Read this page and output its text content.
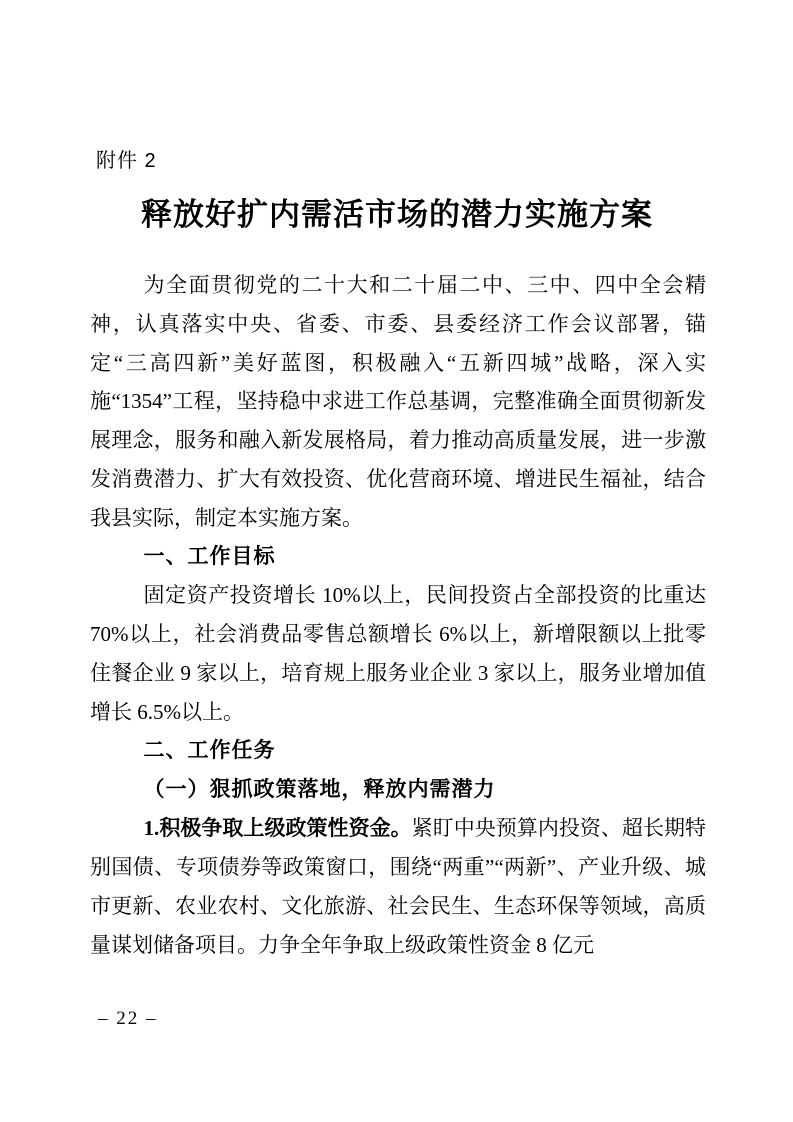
附件 2
释放好扩内需活市场的潜力实施方案

为全面贯彻党的二十大和二十届二中、三中、四中全会精神，认真落实中央、省委、市委、县委经济工作会议部署，锚定“三高四新”美好蓝图，积极融入“五新四城”战略，深入实施“1354”工程，坚持稳中求进工作总基调，完整准确全面贯彻新发展理念，服务和融入新发展格局，着力推动高质量发展，进一步激发消费潜力、扩大有效投资、优化营商环境、增进民生福祉，结合我县实际，制定本实施方案。

一、工作目标

固定资产投资增长 10%以上，民间投资占全部投资的比重达 70%以上，社会消费品零售总额增长 6%以上，新增限额以上批零住餐企业 9 家以上，培育规上服务业企业 3 家以上，服务业增加值增长 6.5%以上。

二、工作任务
（一）狠抓政策落地，释放内需潜力

1.积极争取上级政策性资金。紧盯中央预算内投资、超长期特别国债、专项债券等政策窗口，围绕“两重”“两新”、产业升级、城市更新、农业农村、文化旅游、社会民生、生态环保等领域，高质量谋划储备项目。力争全年争取上级政策性资金 8 亿元

– 22 –
